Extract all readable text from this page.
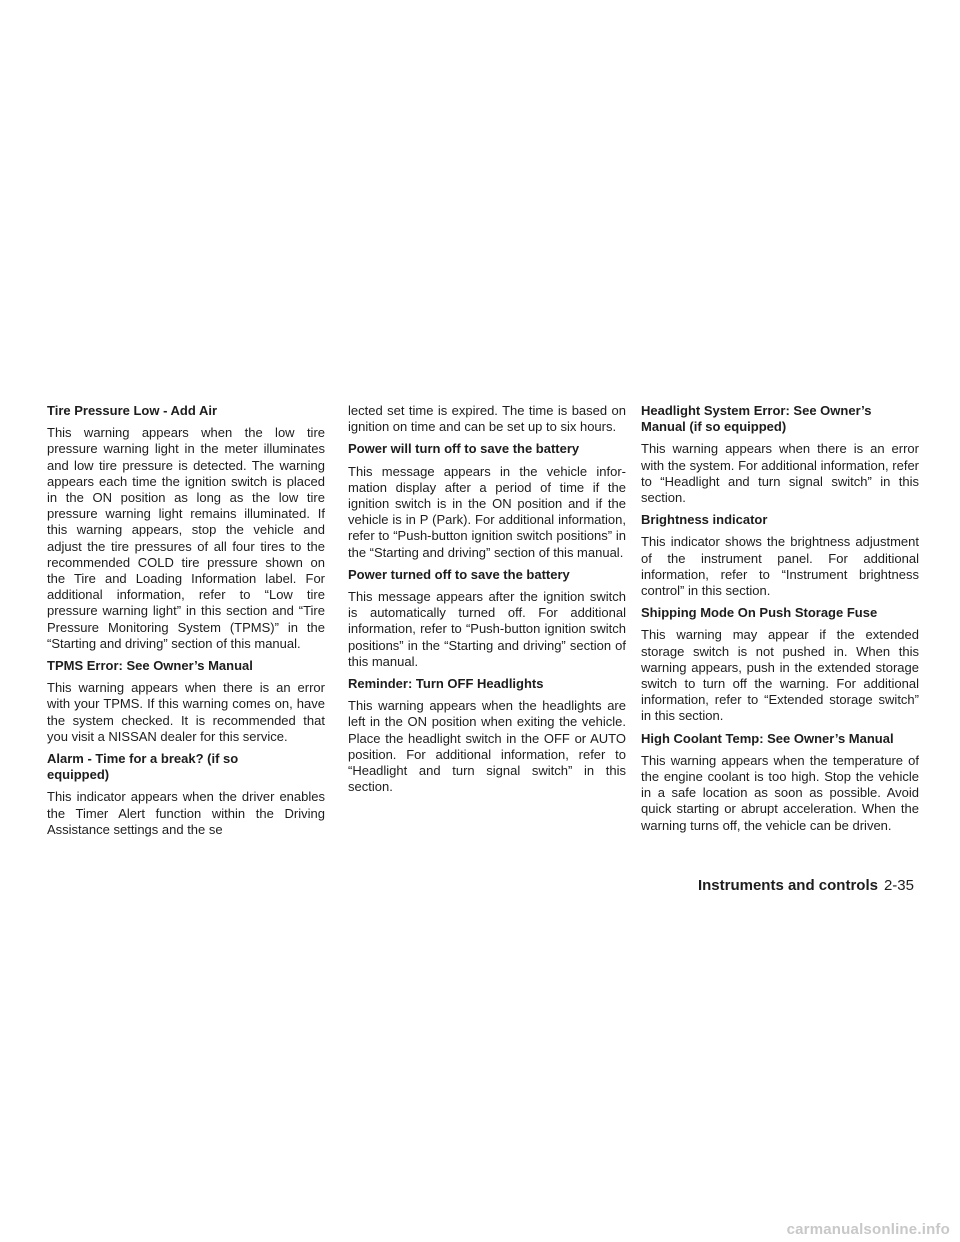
Tire Pressure Low - Add Air
This warning appears when the low tire pressure warning light in the meter illuminates and low tire pressure is detected. The warning appears each time the ignition switch is placed in the ON position as long as the low tire pressure warning light remains illuminated. If this warning appears, stop the vehicle and adjust the tire pressures of all four tires to the recommended COLD tire pressure shown on the Tire and Loading Information label. For additional information, refer to “Low tire pressure warning light” in this section and “Tire Pressure Monitoring System (TPMS)” in the “Starting and driving” section of this manual.
TPMS Error: See Owner’s Manual
This warning appears when there is an error with your TPMS. If this warning comes on, have the system checked. It is recommended that you visit a NISSAN dealer for this service.
Alarm - Time for a break? (if so equipped)
This indicator appears when the driver enables the Timer Alert function within the Driving Assistance settings and the se
lected set time is expired. The time is based on ignition on time and can be set up to six hours.
Power will turn off to save the battery
This message appears in the vehicle information display after a period of time if the ignition switch is in the ON position and if the vehicle is in P (Park). For additional information, refer to “Push-button ignition switch positions” in the “Starting and driving” section of this manual.
Power turned off to save the battery
This message appears after the ignition switch is automatically turned off. For additional information, refer to “Push-button ignition switch positions” in the “Starting and driving” section of this manual.
Reminder: Turn OFF Headlights
This warning appears when the headlights are left in the ON position when exiting the vehicle. Place the headlight switch in the OFF or AUTO position. For additional information, refer to “Headlight and turn signal switch” in this section.
Headlight System Error: See Owner’s Manual (if so equipped)
This warning appears when there is an error with the system. For additional information, refer to “Headlight and turn signal switch” in this section.
Brightness indicator
This indicator shows the brightness adjustment of the instrument panel. For additional information, refer to “Instrument brightness control” in this section.
Shipping Mode On Push Storage Fuse
This warning may appear if the extended storage switch is not pushed in. When this warning appears, push in the extended storage switch to turn off the warning. For additional information, refer to “Extended storage switch” in this section.
High Coolant Temp: See Owner’s Manual
This warning appears when the temperature of the engine coolant is too high. Stop the vehicle in a safe location as soon as possible. Avoid quick starting or abrupt acceleration. When the warning turns off, the vehicle can be driven.
Instruments and controls 2-35
carmanualsonline.info
